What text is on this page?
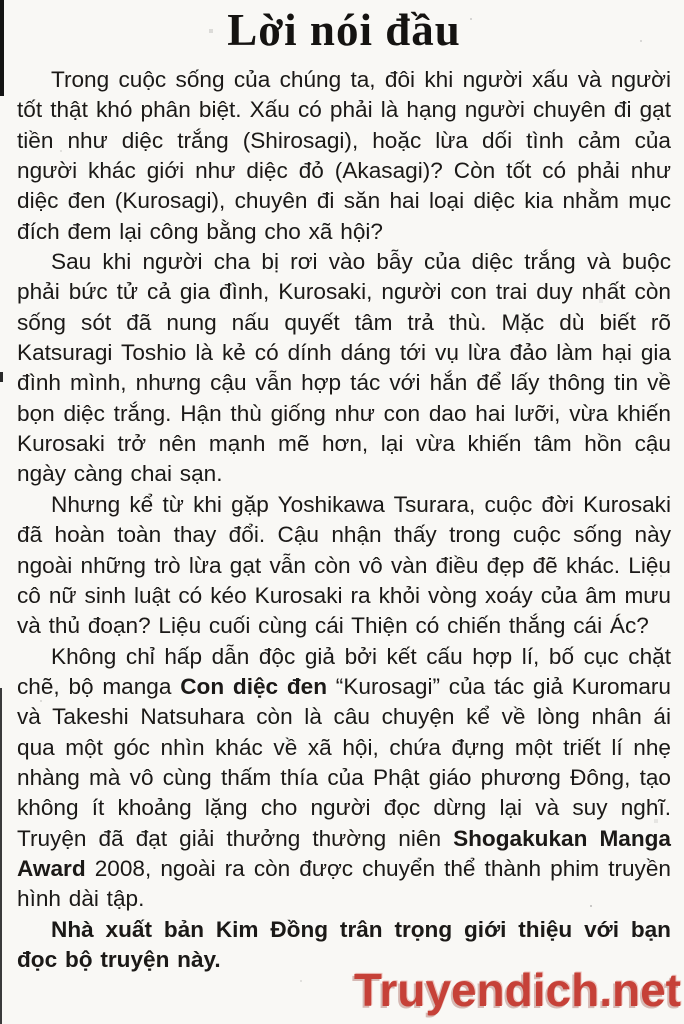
Lời nói đầu

Trong cuộc sống của chúng ta, đôi khi người xấu và người tốt thật khó phân biệt. Xấu có phải là hạng người chuyên đi gạt tiền như diệc trắng (Shirosagi), hoặc lừa dối tình cảm của người khác giới như diệc đỏ (Akasagi)? Còn tốt có phải như diệc đen (Kurosagi), chuyên đi săn hai loại diệc kia nhằm mục đích đem lại công bằng cho xã hội?

Sau khi người cha bị rơi vào bẫy của diệc trắng và buộc phải bức tử cả gia đình, Kurosaki, người con trai duy nhất còn sống sót đã nung nấu quyết tâm trả thù. Mặc dù biết rõ Katsuragi Toshio là kẻ có dính dáng tới vụ lừa đảo làm hại gia đình mình, nhưng cậu vẫn hợp tác với hắn để lấy thông tin về bọn diệc trắng. Hận thù giống như con dao hai lưỡi, vừa khiến Kurosaki trở nên mạnh mẽ hơn, lại vừa khiến tâm hồn cậu ngày càng chai sạn.

Nhưng kể từ khi gặp Yoshikawa Tsurara, cuộc đời Kurosaki đã hoàn toàn thay đổi. Cậu nhận thấy trong cuộc sống này ngoài những trò lừa gạt vẫn còn vô vàn điều đẹp đẽ khác. Liệu cô nữ sinh luật có kéo Kurosaki ra khỏi vòng xoáy của âm mưu và thủ đoạn? Liệu cuối cùng cái Thiện có chiến thắng cái Ác?

Không chỉ hấp dẫn độc giả bởi kết cấu hợp lí, bố cục chặt chẽ, bộ manga Con diệc đen “Kurosagi” của tác giả Kuromaru và Takeshi Natsuhara còn là câu chuyện kể về lòng nhân ái qua một góc nhìn khác về xã hội, chứa đựng một triết lí nhẹ nhàng mà vô cùng thấm thía của Phật giáo phương Đông, tạo không ít khoảng lặng cho người đọc dừng lại và suy nghĩ. Truyện đã đạt giải thưởng thường niên Shogakukan Manga Award 2008, ngoài ra còn được chuyển thể thành phim truyền hình dài tập.

Nhà xuất bản Kim Đồng trân trọng giới thiệu với bạn đọc bộ truyện này.

Truyendich.net
